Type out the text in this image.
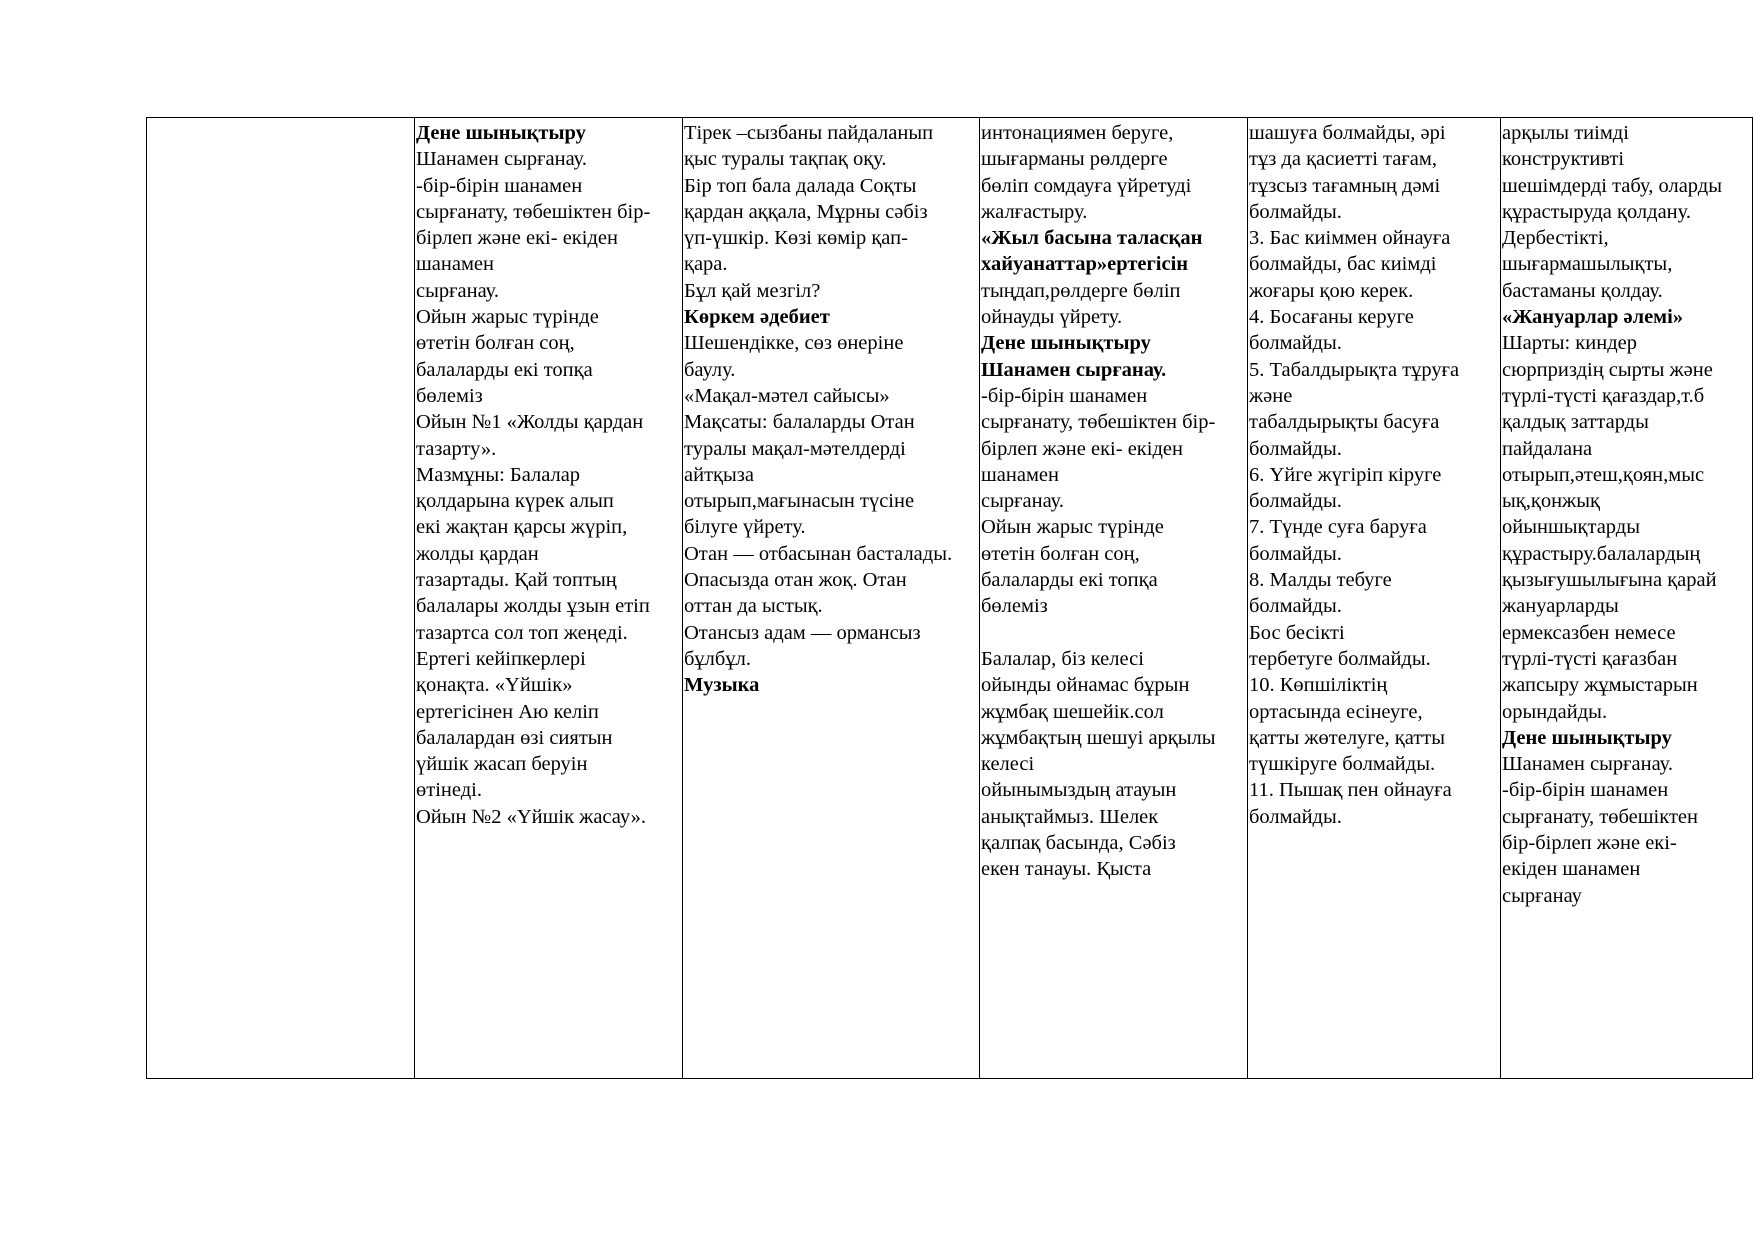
Дене шынықтыру
Шанамен сырғанау.
-бір-бірін шанамен
сырғанату, төбешіктен бір-
бірлеп және екі- екіден
шанамен
сырғанау.
Ойын жарыс түрінде
өтетін болған соң,
балаларды екі топқа
бөлеміз
Ойын №1 «Жолды қардан
тазарту».
Мазмұны: Балалар
қолдарына күрек алып
екі жақтан қарсы жүріп,
жолды қардан
тазартады. Қай топтың
балалары жолды ұзын етіп
тазартса сол топ жеңеді.
Ертегі кейіпкерлері
қонақта. «Үйшік»
ертегісінен Аю келіп
балалардан өзі сиятын
үйшік жасап беруін
өтінеді.
Ойын №2 «Үйшік жасау».

Тірек –сызбаны пайдаланып
қыс туралы тақпақ оқу.
Бір топ бала далада Соқты
қардан аққала, Мұрны сәбіз
үп-үшкір. Көзі көмір қап-
қара.
Бұл қай мезгіл?
Көркем әдебиет
Шешендікке, сөз өнеріне
баулу.
«Мақал-мәтел сайысы»
Мақсаты: балаларды Отан
туралы мақал-мәтелдерді
айтқыза
отырып,мағынасын түсіне
білуге үйрету.
Отан — отбасынан басталады.
Опасызда отан жоқ. Отан
оттан да ыстық.
Отансыз адам — ормансыз
бұлбұл.
Музыка

интонациямен беруге,
шығарманы рөлдерге
бөліп сомдауға үйретуді
жалғастыру.
«Жыл басына таласқан
хайуанаттар»ертегісін
тыңдап,рөлдерге бөліп
ойнауды үйрету.
Дене шынықтыру
Шанамен сырғанау.
-бір-бірін шанамен
сырғанату, төбешіктен бір-
бірлеп және екі- екіден
шанамен
сырғанау.
Ойын жарыс түрінде
өтетін болған соң,
балаларды екі топқа
бөлеміз
Балалар, біз келесі
ойынды ойнамас бұрын
жұмбақ шешейік.сол
жұмбақтың шешуі арқылы
келесі
ойынымыздың атауын
анықтаймыз. Шелек
қалпақ басында, Сәбіз
екен танауы. Қыста

шашуға болмайды, әрі
тұз да қасиетті тағам,
тұзсыз тағамның дәмі
болмайды.
3. Бас киіммен ойнауға
болмайды, бас киімді
жоғары қою керек.
4. Босағаны керуге
болмайды.
5. Табалдырықта тұруға
және
табалдырықты басуға
болмайды.
6. Үйге жүгіріп кіруге
болмайды.
7. Түнде суға баруға
болмайды.
8. Малды тебуге
болмайды.
Бос бесікті
тербетуге болмайды.
10. Көпшіліктің
ортасында есінеуге,
қатты жөтелуге, қатты
түшкіруге болмайды.
11. Пышақ пен ойнауға
болмайды.

арқылы тиімді
конструктивті
шешімдерді табу, оларды
құрастыруда қолдану.
Дербестікті,
шығармашылықты,
бастаманы қолдау.
«Жануарлар әлемі»
Шарты: киндер
сюрприздің сырты және
түрлі-түсті қағаздар,т.б
қалдық заттарды
пайдалана
отырып,әтеш,қоян,мыс
ық,қонжық
ойыншықтарды
құрастыру.балалардың
қызығушылығына қарай
жануарларды
ермексазбен немесе
түрлі-түсті қағазбан
жапсыру жұмыстарын
орындайды.
Дене шынықтыру
Шанамен сырғанау.
-бір-бірін шанамен
сырғанату, төбешіктен
бір-бірлеп және екі-
екіден шанамен
сырғанау
